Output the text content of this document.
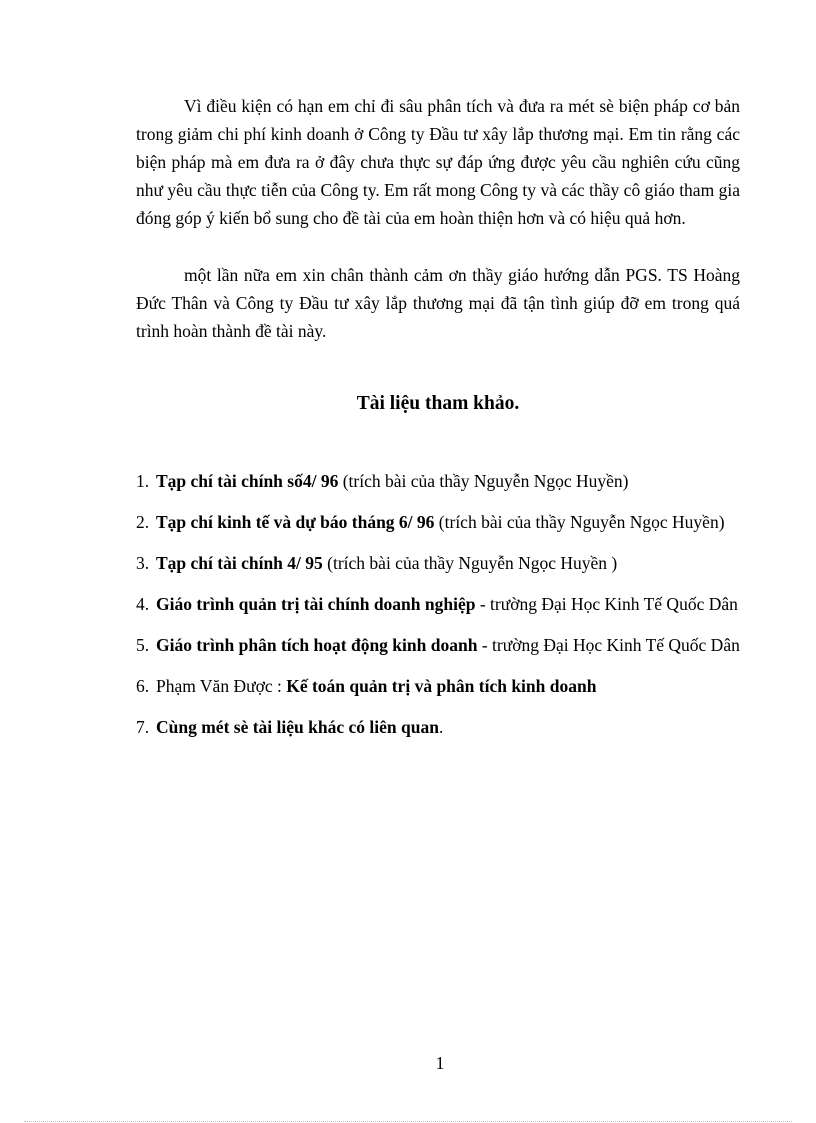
Vì điều kiện có hạn em chỉ đi sâu phân tích và đưa ra mét sè biện pháp cơ bản trong giảm chi phí kinh doanh ở Công ty Đầu tư xây lắp thương mại. Em tin rằng các biện pháp mà em đưa ra ở đây chưa thực sự đáp ứng được yêu cầu nghiên cứu cũng như yêu cầu thực tiễn của Công ty. Em rất mong Công ty và các thầy cô giáo tham gia đóng góp ý kiến bổ sung cho đề tài của em hoàn thiện hơn và có hiệu quả hơn.

một lần nữa em xin chân thành cảm ơn thầy giáo hướng dẫn PGS. TS Hoàng Đức Thân và Công ty Đầu tư xây lắp thương mại đã tận tình giúp đỡ em trong quá trình hoàn thành đề tài này.

Tài liệu tham khảo.
1. Tạp chí tài chính số4/ 96 (trích bài của thầy Nguyễn Ngọc Huyền)
2. Tạp chí kinh tế và dự báo tháng 6/ 96 (trích bài của thầy Nguyễn Ngọc Huyền)
3. Tạp chí tài chính 4/ 95 (trích bài của thầy Nguyễn Ngọc Huyền )
4. Giáo trình quản trị tài chính doanh nghiệp - trường Đại Học Kinh Tế Quốc Dân
5. Giáo trình phân tích hoạt động kinh doanh - trường Đại Học Kinh Tế Quốc Dân
6. Phạm Văn Được : Kế toán quản trị và phân tích kinh doanh
7. Cùng mét sè tài liệu khác có liên quan.
1
